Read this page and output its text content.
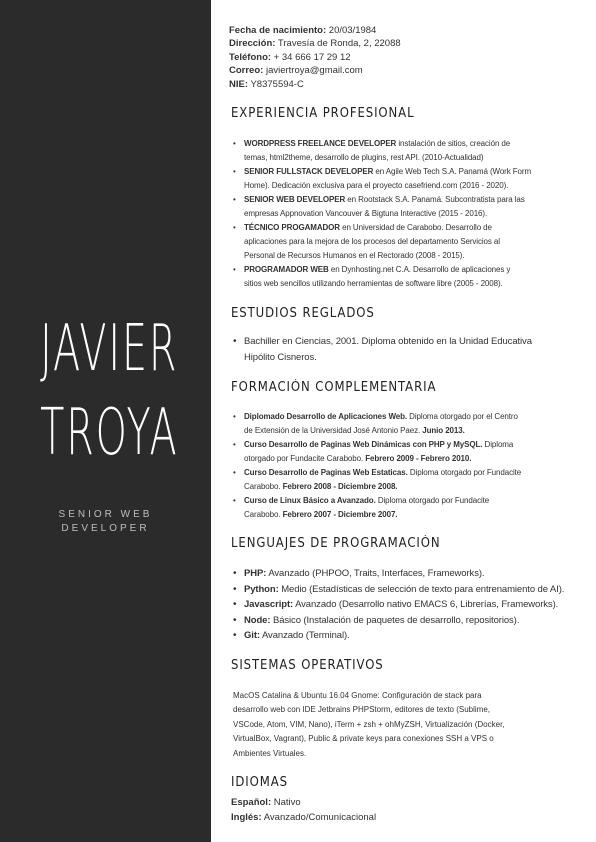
JAVIER
TROYA
SENIOR WEB
DEVELOPER
Fecha de nacimiento: 20/03/1984
Dirección: Travesía de Ronda, 2, 22088
Teléfono: + 34 666 17 29 12
Correo: javiertroya@gmail.com
NIE: Y8375594-C
EXPERIENCIA PROFESIONAL
• WORDPRESS FREELANCE DEVELOPER instalación de sitios, creación de
temas, html2theme, desarrollo de plugins, rest API. (2010-Actualidad)
• SENIOR FULLSTACK DEVELOPER en Agile Web Tech S.A. Panamá (Work Form
Home). Dedicación exclusiva para el proyecto casefriend.com (2016 - 2020).
• SENIOR WEB DEVELOPER en Rootstack S.A. Panamá. Subcontratista para las
empresas Appnovation Vancouver & Bigtuna Interactive (2015 - 2016).
• TÉCNICO PROGAMADOR en Universidad de Carabobo. Desarrollo de
aplicaciones para la mejora de los procesos del departamento Servicios al
Personal de Recursos Humanos en el Rectorado (2008 - 2015).
• PROGRAMADOR WEB en Dynhosting.net C.A. Desarrollo de aplicaciones y
sitios web sencillos utilizando herramientas de software libre (2005 - 2008).
ESTUDIOS REGLADOS
• Bachiller en Ciencias, 2001. Diploma obtenido en la Unidad Educativa
Hipólito Cisneros.
FORMACIÓN COMPLEMENTARIA
• Diplomado Desarrollo de Aplicaciones Web. Diploma otorgado por el Centro
de Extensión de la Universidad José Antonio Paez. Junio 2013.
• Curso Desarrollo de Paginas Web Dinámicas con PHP y MySQL. Diploma
otorgado por Fundacite Carabobo. Febrero 2009 - Febrero 2010.
• Curso Desarrollo de Paginas Web Estaticas. Diploma otorgado por Fundacite
Carabobo. Febrero 2008 - Diciembre 2008.
• Curso de Linux Básico a Avanzado. Diploma otorgado por Fundacite
Carabobo. Febrero 2007 - Diciembre 2007.
LENGUAJES DE PROGRAMACIÓN
• PHP: Avanzado (PHPOO, Traits, Interfaces, Frameworks).
• Python: Medio (Estadísticas de selección de texto para entrenamiento de AI).
• Javascript: Avanzado (Desarrollo nativo EMACS 6, Librerías, Frameworks).
• Node: Básico (Instalación de paquetes de desarrollo, repositorios).
• Git: Avanzado (Terminal).
SISTEMAS OPERATIVOS
MacOS Catalina & Ubuntu 16.04 Gnome: Configuración de stack para
desarrollo web con IDE Jetbrains PHPStorm, editores de texto (Sublime,
VSCode, Atom, VIM, Nano), iTerm + zsh + ohMyZSH, Virtualización (Docker,
VirtualBox, Vagrant), Public & private keys para conexiones SSH a VPS o
Ambientes Virtuales.
IDIOMAS
Español: Nativo
Inglés: Avanzado/Comunicacional
